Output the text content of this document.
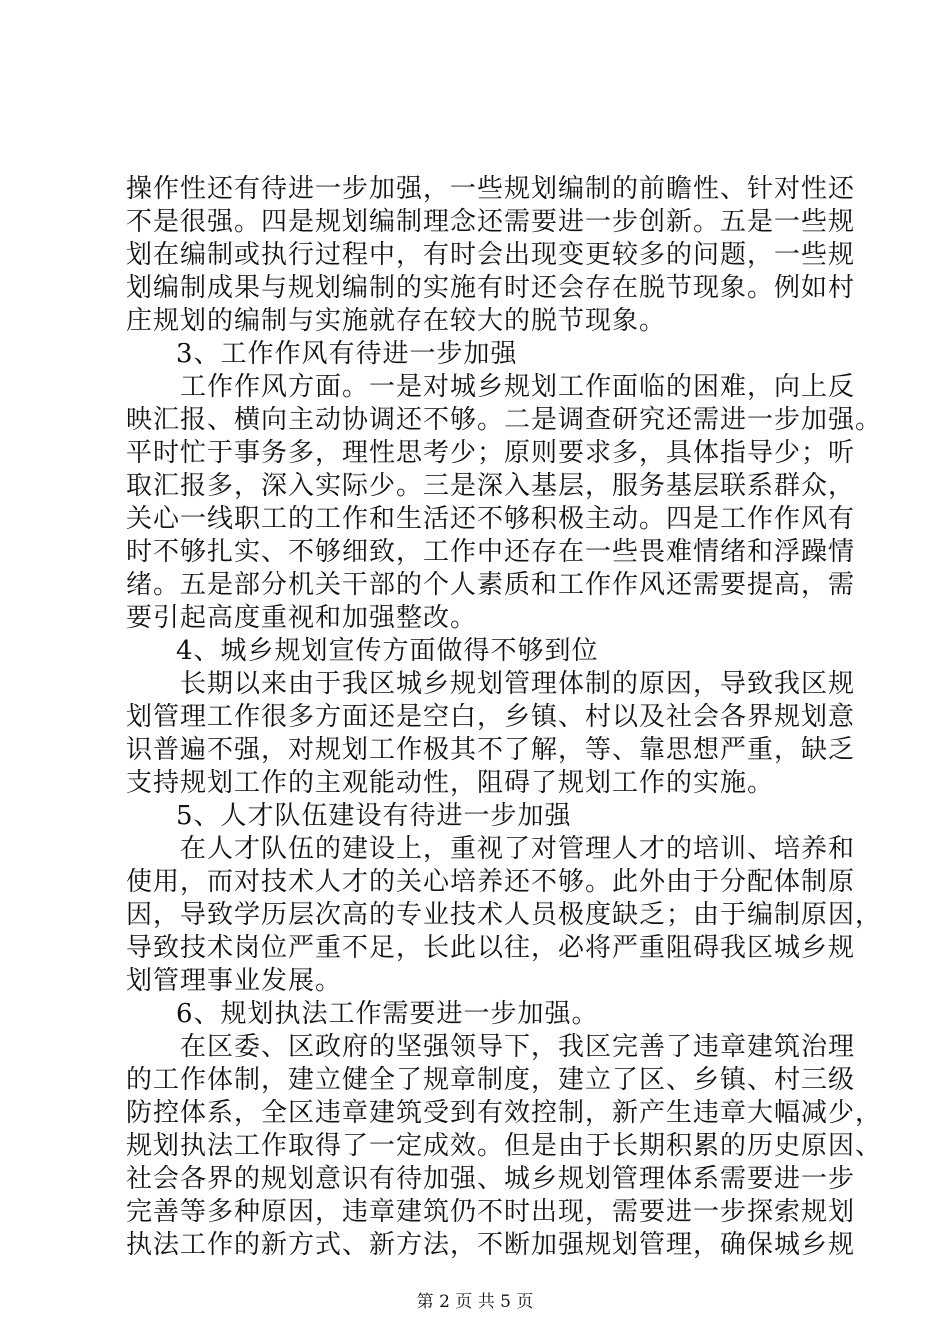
操作性还有待进一步加强，一些规划编制的前瞻性、针对性还
不是很强。四是规划编制理念还需要进一步创新。五是一些规
划在编制或执行过程中，有时会出现变更较多的问题，一些规
划编制成果与规划编制的实施有时还会存在脱节现象。例如村
庄规划的编制与实施就存在较大的脱节现象。
3、工作作风有待进一步加强
工作作风方面。一是对城乡规划工作面临的困难，向上反
映汇报、横向主动协调还不够。二是调查研究还需进一步加强。
平时忙于事务多，理性思考少；原则要求多，具体指导少；听
取汇报多，深入实际少。三是深入基层，服务基层联系群众，
关心一线职工的工作和生活还不够积极主动。四是工作作风有
时不够扎实、不够细致，工作中还存在一些畏难情绪和浮躁情
绪。五是部分机关干部的个人素质和工作作风还需要提高，需
要引起高度重视和加强整改。
4、城乡规划宣传方面做得不够到位
长期以来由于我区城乡规划管理体制的原因，导致我区规
划管理工作很多方面还是空白，乡镇、村以及社会各界规划意
识普遍不强，对规划工作极其不了解，等、靠思想严重，缺乏
支持规划工作的主观能动性，阻碍了规划工作的实施。
5、人才队伍建设有待进一步加强
在人才队伍的建设上，重视了对管理人才的培训、培养和
使用，而对技术人才的关心培养还不够。此外由于分配体制原
因，导致学历层次高的专业技术人员极度缺乏；由于编制原因，
导致技术岗位严重不足，长此以往，必将严重阻碍我区城乡规
划管理事业发展。
6、规划执法工作需要进一步加强。
在区委、区政府的坚强领导下，我区完善了违章建筑治理
的工作体制，建立健全了规章制度，建立了区、乡镇、村三级
防控体系，全区违章建筑受到有效控制，新产生违章大幅减少，
规划执法工作取得了一定成效。但是由于长期积累的历史原因、
社会各界的规划意识有待加强、城乡规划管理体系需要进一步
完善等多种原因，违章建筑仍不时出现，需要进一步探索规划
执法工作的新方式、新方法，不断加强规划管理，确保城乡规
第 2 页 共 5 页
